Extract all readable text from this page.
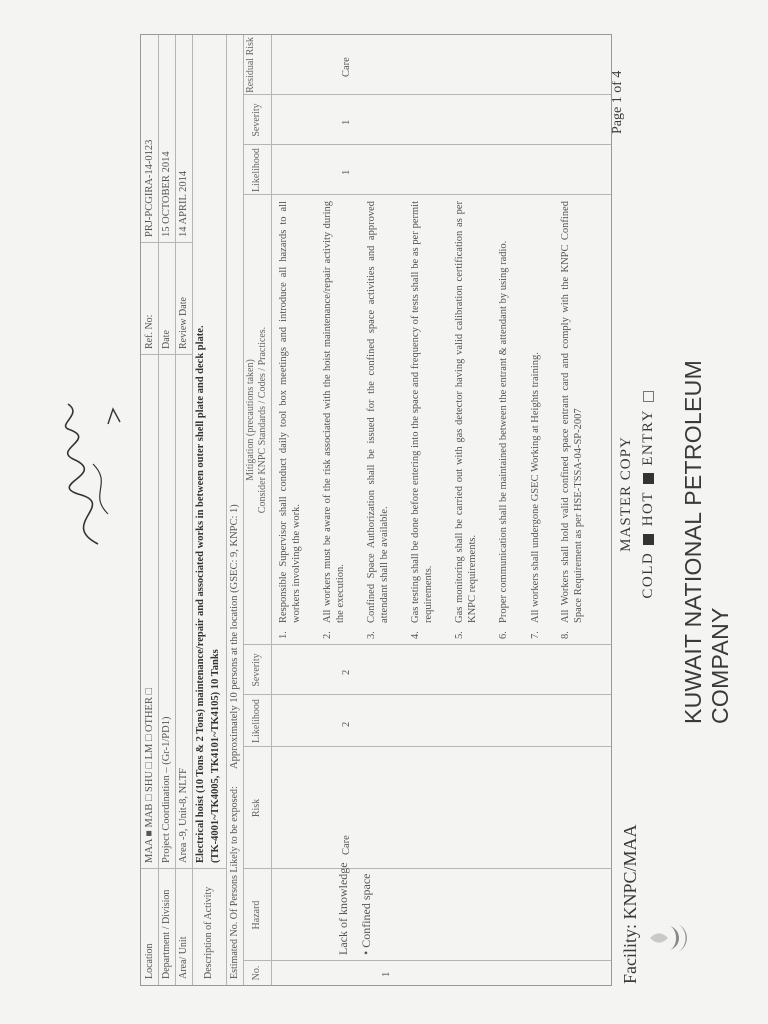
KUWAIT NATIONAL PETROLEUM COMPANY
COLD  HOT  ENTRY
MASTER COPY
Facility: KNPC/MAA
Page 1 of 4
Location
MAA ■ MAB □ SHU □ LM □ OTHER □
Department / Division
Project Coordination – (Gr-1/PD1)
Area/ Unit
Area -9, Unit-8, NLTF
Description of Activity
Electrical hoist (10 Tons & 2 Tons) maintenance/repair and associated works in between outer shell plate and deck plate. (TK-4001~TK4005, TK4101~TK4105) 10 Tanks
Estimated No. Of Persons Likely to be exposed:
Approximately 10 persons at the location (GSEC: 9, KNPC: 1)
Ref. No:
PRJ-PCGIRA-14-0123
Date
15 OCTOBER 2014
Review Date
14 APRIL 2014
No.
Hazard
Likelihood
Severity
Risk
Mitigation (precautions taken) Consider KNPC Standards / Codes / Practices.
Likelihood
Severity
Residual Risk
1
Lack of knowledge • Confined space
2
2
Care
1
1
Care
1.
Responsible Supervisor shall conduct daily tool box meetings and introduce all hazards to all workers involving the work.
2.
All workers must be aware of the risk associated with the hoist maintenance/repair activity during the execution.
3.
Confined Space Authorization shall be issued for the confined space activities and approved attendant shall be available.
4.
Gas testing shall be done before entering into the space and frequency of tests shall be as per permit requirements.
5.
Gas monitoring shall be carried out with gas detector having valid calibration certification as per KNPC requirements.
6.
Proper communication shall be maintained between the entrant & attendant by using radio.
7.
All workers shall undergone GSEC Working at Heights training.
8.
All Workers shall hold valid confined space entrant card and comply with the KNPC Confined Space Requirement as per HSE-TSSA-04-SP-2007
